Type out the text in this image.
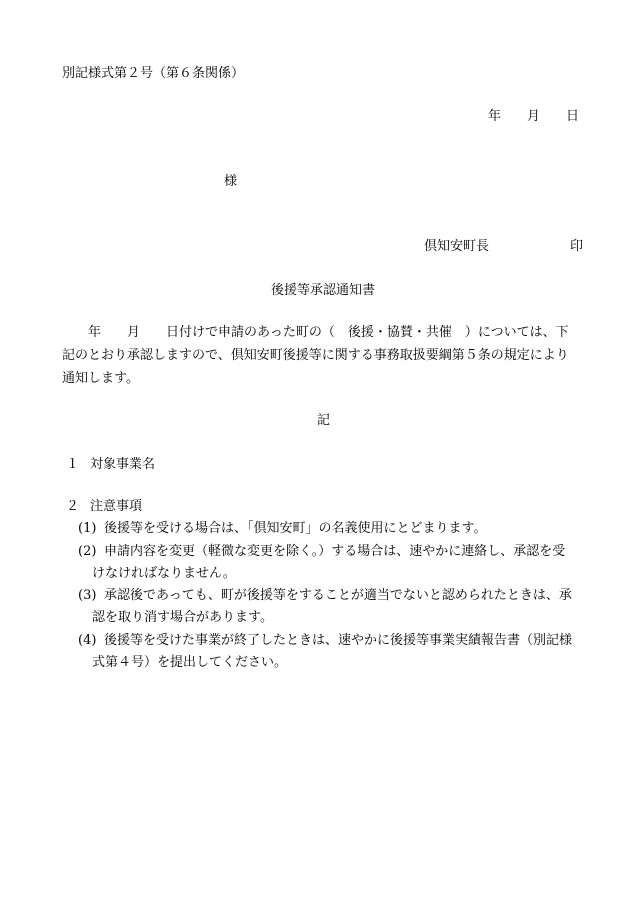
別記様式第２号（第６条関係）
年　　月　　日
様
倶知安町長	印
後援等承認通知書
年　　月　　日付けで申請のあった町の（　後援・協賛・共催　）については、下
記のとおり承認しますので、倶知安町後援等に関する事務取扱要綱第５条の規定により
通知します。
記
１ 対象事業名
２ 注意事項
(1) 後援等を受ける場合は、「倶知安町」の名義使用にとどまります。
(2) 申請内容を変更（軽微な変更を除く。）する場合は、速やかに連絡し、承認を受
けなければなりません。
(3) 承認後であっても、町が後援等をすることが適当でないと認められたときは、承
認を取り消す場合があります。
(4) 後援等を受けた事業が終了したときは、速やかに後援等事業実績報告書（別記様
式第４号）を提出してください。
